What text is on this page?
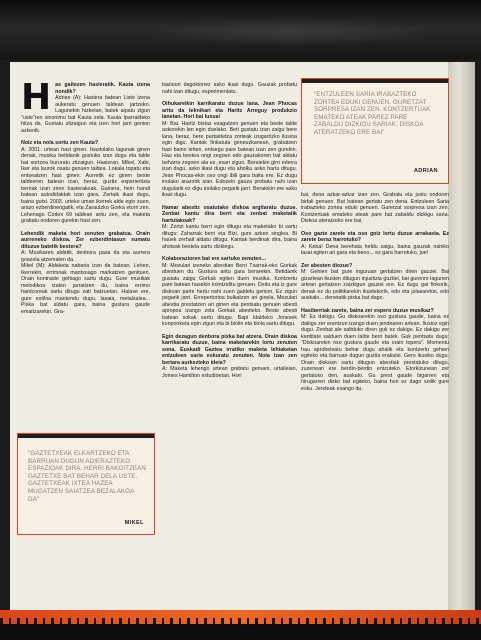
H as gaitezen hasieratik. Kauta izena nondik?

Adrian (A): Hasiera batean Liste izena aukeratu genuen taldean jartzeko. Lagunekin hizketan, batek aipatu zigun "uste"ren sinonimo bat Kauta zela. Kauta Iparraldeko hitza da. Gustatu zitzaigun eta izen hori jarri genion azkenik.

Noiz eta nola sortu zen Kauta?

A: 2001. urtean hasi ginen. Ikastolako lagunak ginen denak, musika betidanik gustuko izan dugu eta talde bat sortzea bururatu zitzaigun. Hasieran, Mikel, Xabi, Iker eta laurok osatu genuen taldea. Lokala topatu eta entseatzen hasi ginen. Aurretik ez ginen beste taldeeren batean izan, beraz, guztiz esperientzia berriak izan ziren hasierakoak. Gainera, hein handi batean autodidaktak izan gara. Zertaik ikasi dugu, baina gutxi. 2003. urteko uman ikerrek alde egin zuen, arazo ezberdinengatik, eta Zarautzko Gorka etorri zen. Lehenago Codex 69 taldean aritu zen, eta maketa grabatu ondoren gurekin hasi zen.

Lehendik maketa hori zenuten grabatua. Orain aurreneko diskoa. Zer ezberdintasun sumatu dituzue batetik bestera?

A: Musikaren aldetik, denbora pasa da eta aurrera goazela atzematen da.

Mikel (M): Aldaketa nabaria izan da batean. Lehen, Ikerrekin, errimoak mantsoago markatzen genituen. Orain kontraste gehiago sartu dugu. Gure musikak melodikoa izaten jarraitzen du, baina errimo hardcoreak sartu ditugu zati batzuetan. Halaxe ere, gure estiloa mantendu dugu, lasaia, metalzalea... Pixka bat aldatu gara, baina gustura gaude emaitzarekin. Gra-

"GAZTETXEAK ELKARTZEKO ETA BARRUAN DUGUN ADIERAZTEKO ESPAZIOAK DIRA. HERRI BAKOITZEAN GAZTETXE BAT BEHAR DELA USTE. GAZTETXEAK IXTEA HAZEA MUGATZEN SAIATZEA BEZALAKOA DA"
MIKEL

baziouri dagokionez asko ikasi dugu. Gauzak probatu nahi izan ditugu, esperimentatu.

Oihukareikin karrikaratu duzue lana. Jean Phocas aritu da teknikari eta Haritz Arreguy produkzio lanetan. Hori bai luxua!

M: Bai. Haritz bistaz ezagutzen genuen eta beste talde askorekin lan egin duelako. Beti gustatu izan zaigu bere lana, beraz, bere partaidetza zorteak izugarrizko ilusioa egin digu. Kantak finkatuta geneuzkanean, grabatzen hasi baino lehen, entsegu pare batean izan zen gurekin. Hau eta bestea ongi zegoen edo gauzakoren bat aldatu beharra zegoen ala ez, esan zigun. Beraiekin giro ederra izan dugu, asko ikasi dugu eta aholku asko hartu ditugu. Jean Phocas-ekin oso ongi ibili gara baita ere. Ez dugu inolako arazorik izan. Edozein gauza probatu nahi izan dugularik ez digu inolako pegarik jarri. Beraiekin ere asko ikasi dugu.

Hamar abestiz osatutako diskoa argitaratu duzue. Zenbat kantu dira berri eta zenbat maketatik hartutakoak?

M: Zortzi kantu berri egin ditugu eta maketako bi sartu ditugu: Zaharrak berri eta Bizi, gure azken singlea. Bi hauek zerbait aldatu ditugu. Kantak berdinak dira, baina ahotsak bestela sartu dizkiegu.

Kolaborazioren bat ere sartuko zenuten...

M: Mezulari izeneko abestian Berri Txarrak-eko Gorkak abestuen du. Gustura aritu gara berarekin. Betidanik gustatu zaigu Gorkak egiten duen musika. Kontzertu pare batean hasekin kointziditu genuen. Deitu eta iz gure diskoan parte hartu nahi zuen galdetu genion. Ez zigun pegarik jarri. Errepertorioa bulkatzen ari ginela, Mezulari abestia prestatzen ari ginen eta pentsatu genuen abesti apropoa izango zela Gorkak abesteko. Beste abesti batean sokak sartu ditugu. Bapi Idaldeko Jonesek konponketa egin zigun eta bi biolin eta biola sartu ditugu.

Egin dezagun denbora pixka bat atzera. Orain diskoa karrikaratu duzue, baina maketarekin lortu zenuten sona. Euskadi Gaztea irratiko maketa lehiaketan entzuleen saria eskuratu zenuten. Nola izan zen bertara aurkezteko ideia?

A: Maketa lehengo urtean grabatu genuen, urtaileian, Jomes Hamilton estudioetan. Hori

"ENTZULEEN SARIA IRABAZTEKO ZORTEA EDUKI GENUEN. GURETZAT SORPRESA IZAN ZEN. KONTZERTUAK EMATEKO ATEAK PAREZ PARE ZABALDU DIZKIGU SARIAK. DISKOA ATERATZEKO ERE BAI"
ADRIAN

bai, dena azkar-azkar izan zen. Grabatu eta justu ondoren bidali genuen. Bat batean gertatu zen dena. Entzuleen Saria irabazteko zortea eduki genuen. Guretzat sorpresa izan zen. Kontzertuak emateko ateak pare bat zabaldu dizkigu saria. Diskoa ateratzeko ere bai.

Oso gazte zarete eta oso goiz lortu duzue arrakasta. Ez zarete beraz harrotuko?

A: Keba! Dena berehala heldu zaigu, baina gauzak nahiko lasai egiten ari gara eta beno... ez gara harrotuko, joe!

Zer abesten diozue?

M: Gehien bat gure inguruan gertatzen diren gauzei. Bai gizartean ikusten ditugun injustizia guztiei, bai gurenro lagunen artean gertatzen zaizkigun gauzei ere. Ez dugu gai finkorik, denak ez du politikarekin ikustekorik, edo eta jolasarekin, edo auskalo... denetatik pixka bat dago.

Hasiberriak zarete, baina zer espero duzue musikaz?

M: Ez dakigu. Gu diskoarekin oso gustura gaude, baina ez dakigu zer erantzun izango duen jendearen artean. Ilusioz egin dugu. Zenbat ale saltduko diren guk ez dakigu. Ez dakigu zer kantitate salduen duen talde berri batek. Guk pentsatu dugu: "Diskoarekin oso gustura gaude eta orain topera". Momentu hau aprobetxatu behar dugu ahalik eta kontzertu gehien egiteko eta barruan dugun guztia erakutsi. Gero ikusiko dugu. Orain diskoan sartu ditugun abestiak prestatuko ditugu, zuzenean ere berdin-berdin entzuteko. Etorkizunean zer gertatuko den, auskalo. Gu prest gaude bigarren eta hirugarren disko bat egiteko, baina hori ez dago soilik gure esku. Jendeak esango du.
